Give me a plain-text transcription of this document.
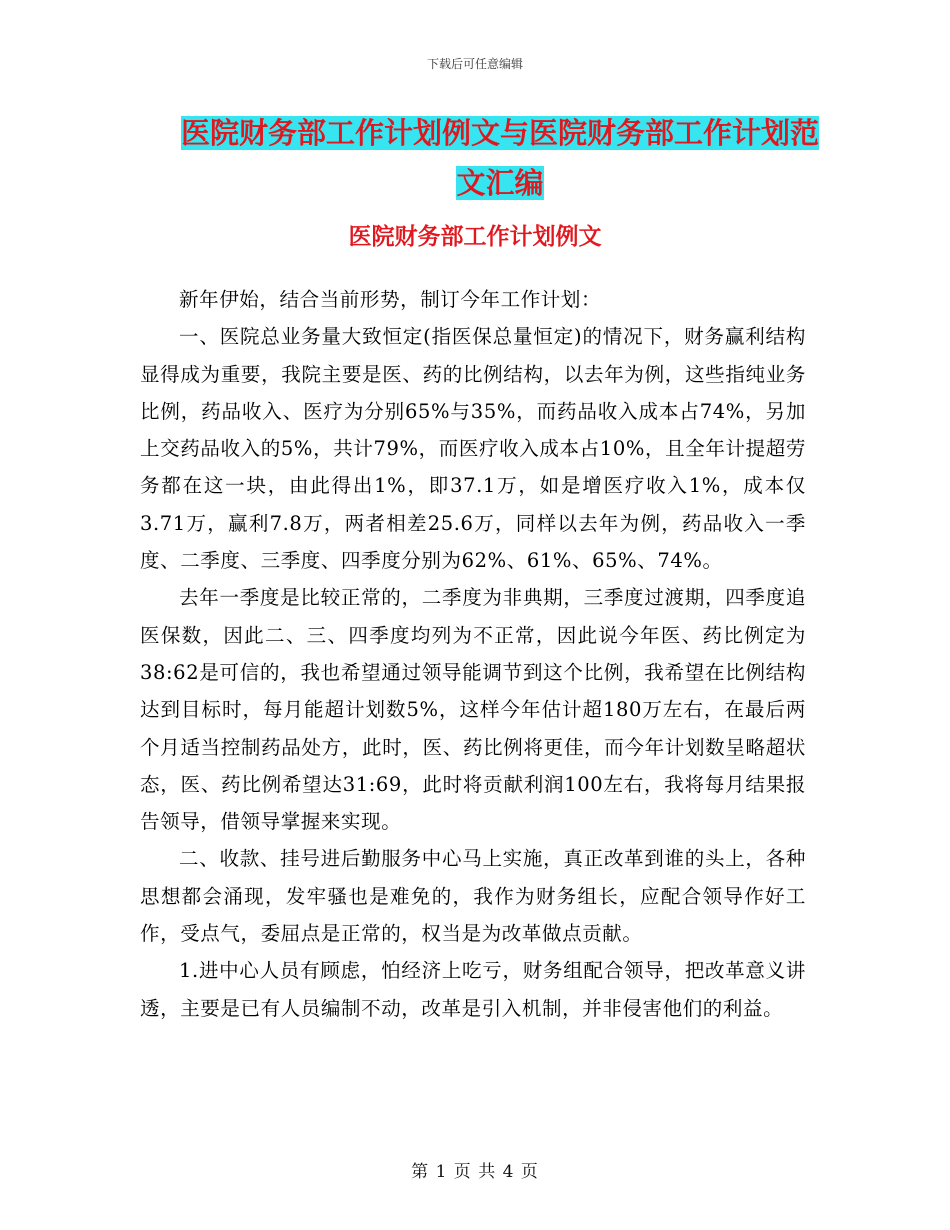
下载后可任意编辑
医院财务部工作计划例文与医院财务部工作计划范文汇编
医院财务部工作计划例文

新年伊始，结合当前形势，制订今年工作计划：

一、医院总业务量大致恒定(指医保总量恒定)的情况下，财务赢利结构显得成为重要，我院主要是医、药的比例结构，以去年为例，这些指纯业务比例，药品收入、医疗为分别65%与35%，而药品收入成本占74%，另加上交药品收入的5%，共计79%，而医疗收入成本占10%，且全年计提超劳务都在这一块，由此得出1%，即37.1万，如是增医疗收入1%，成本仅3.71万，赢利7.8万，两者相差25.6万，同样以去年为例，药品收入一季度、二季度、三季度、四季度分别为62%、61%、65%、74%。

去年一季度是比较正常的，二季度为非典期，三季度过渡期，四季度追医保数，因此二、三、四季度均列为不正常，因此说今年医、药比例定为38:62是可信的，我也希望通过领导能调节到这个比例，我希望在比例结构达到目标时，每月能超计划数5%，这样今年估计超180万左右，在最后两个月适当控制药品处方，此时，医、药比例将更佳，而今年计划数呈略超状态，医、药比例希望达31:69，此时将贡献利润100左右，我将每月结果报告领导，借领导掌握来实现。

二、收款、挂号进后勤服务中心马上实施，真正改革到谁的头上，各种思想都会涌现，发牢骚也是难免的，我作为财务组长，应配合领导作好工作，受点气，委屈点是正常的，权当是为改革做点贡献。

1.进中心人员有顾虑，怕经济上吃亏，财务组配合领导，把改革意义讲透，主要是已有人员编制不动，改革是引入机制，并非侵害他们的利益。

第 1 页 共 4 页
